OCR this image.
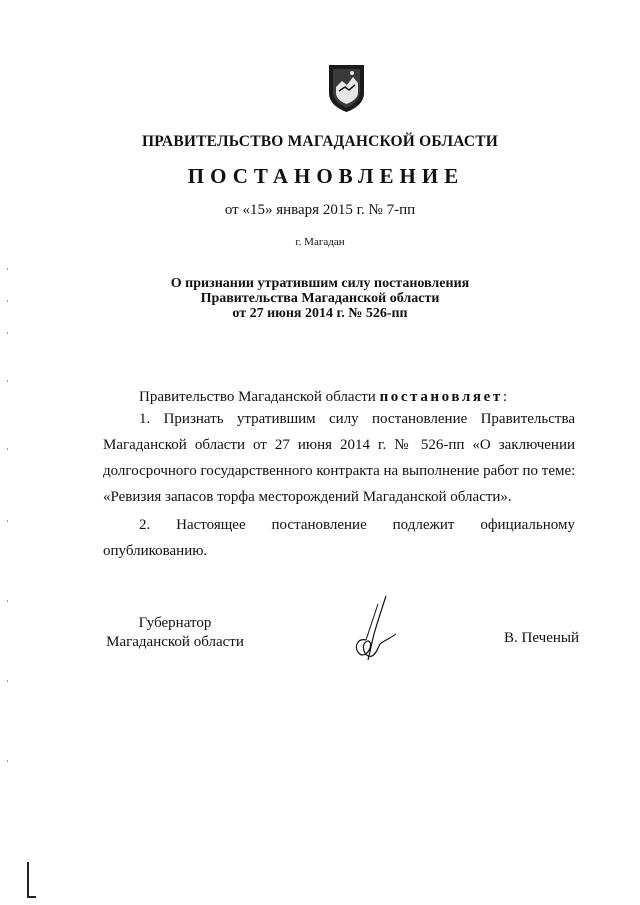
ПРАВИТЕЛЬСТВО МАГАДАНСКОЙ ОБЛАСТИ
ПОСТАНОВЛЕНИЕ
от «15» января 2015 г. № 7-пп
г. Магадан
О признании утратившим силу постановления
Правительства Магаданской области
от 27 июня 2014 г. № 526-пп
Правительство Магаданской области постановляет:
1. Признать утратившим силу постановление Правительства
Магаданской области от 27 июня 2014 г. № 526-пп «О заключении
долгосрочного государственного контракта на выполнение работ по теме:
«Ревизия запасов торфа месторождений Магаданской области».
2. Настоящее постановление подлежит официальному
опубликованию.
Губернатор
Магаданской области	В. Печеный
